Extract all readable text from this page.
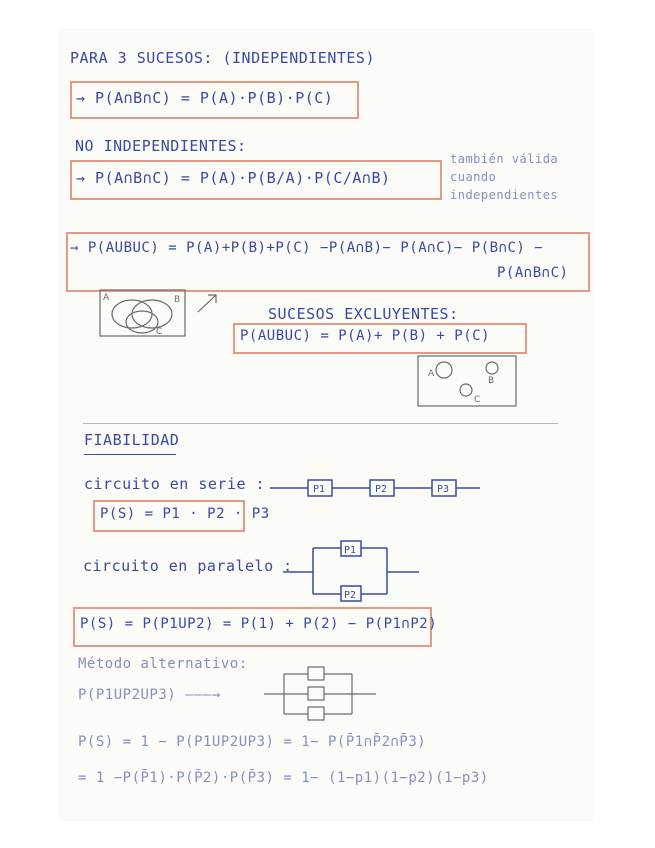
PARA 3 SUCESOS: (INDEPENDIENTES)
→ P(A∩B∩C) = P(A)·P(B)·P(C)
NO INDEPENDIENTES:
→ P(A∩B∩C) = P(A)·P(B/A)·P(C/A∩B)
también válida
cuando
independientes
→ P(AUBUC) = P(A)+P(B)+P(C) −P(A∩B)− P(A∩C)− P(B∩C) −
P(A∩B∩C)
A	B
C
SUCESOS EXCLUYENTES:
P(AUBUC) = P(A)+ P(B) + P(C)
A
B
C
FIABILIDAD
circuito en serie :	P1	P2	P3
P(S) = P1 · P2 · P3
circuito en paralelo :
P1
P2
P(S) = P(P1UP2) = P(1) + P(2) − P(P1∩P2)
Método alternativo:
P(P1UP2UP3) ———→
P(S) = 1 − P(P1UP2UP3) = 1− P(P̄1∩P̄2∩P̄3)
= 1 −P(P̄1)·P(P̄2)·P(P̄3) = 1− (1−p1)(1−p2)(1−p3)
